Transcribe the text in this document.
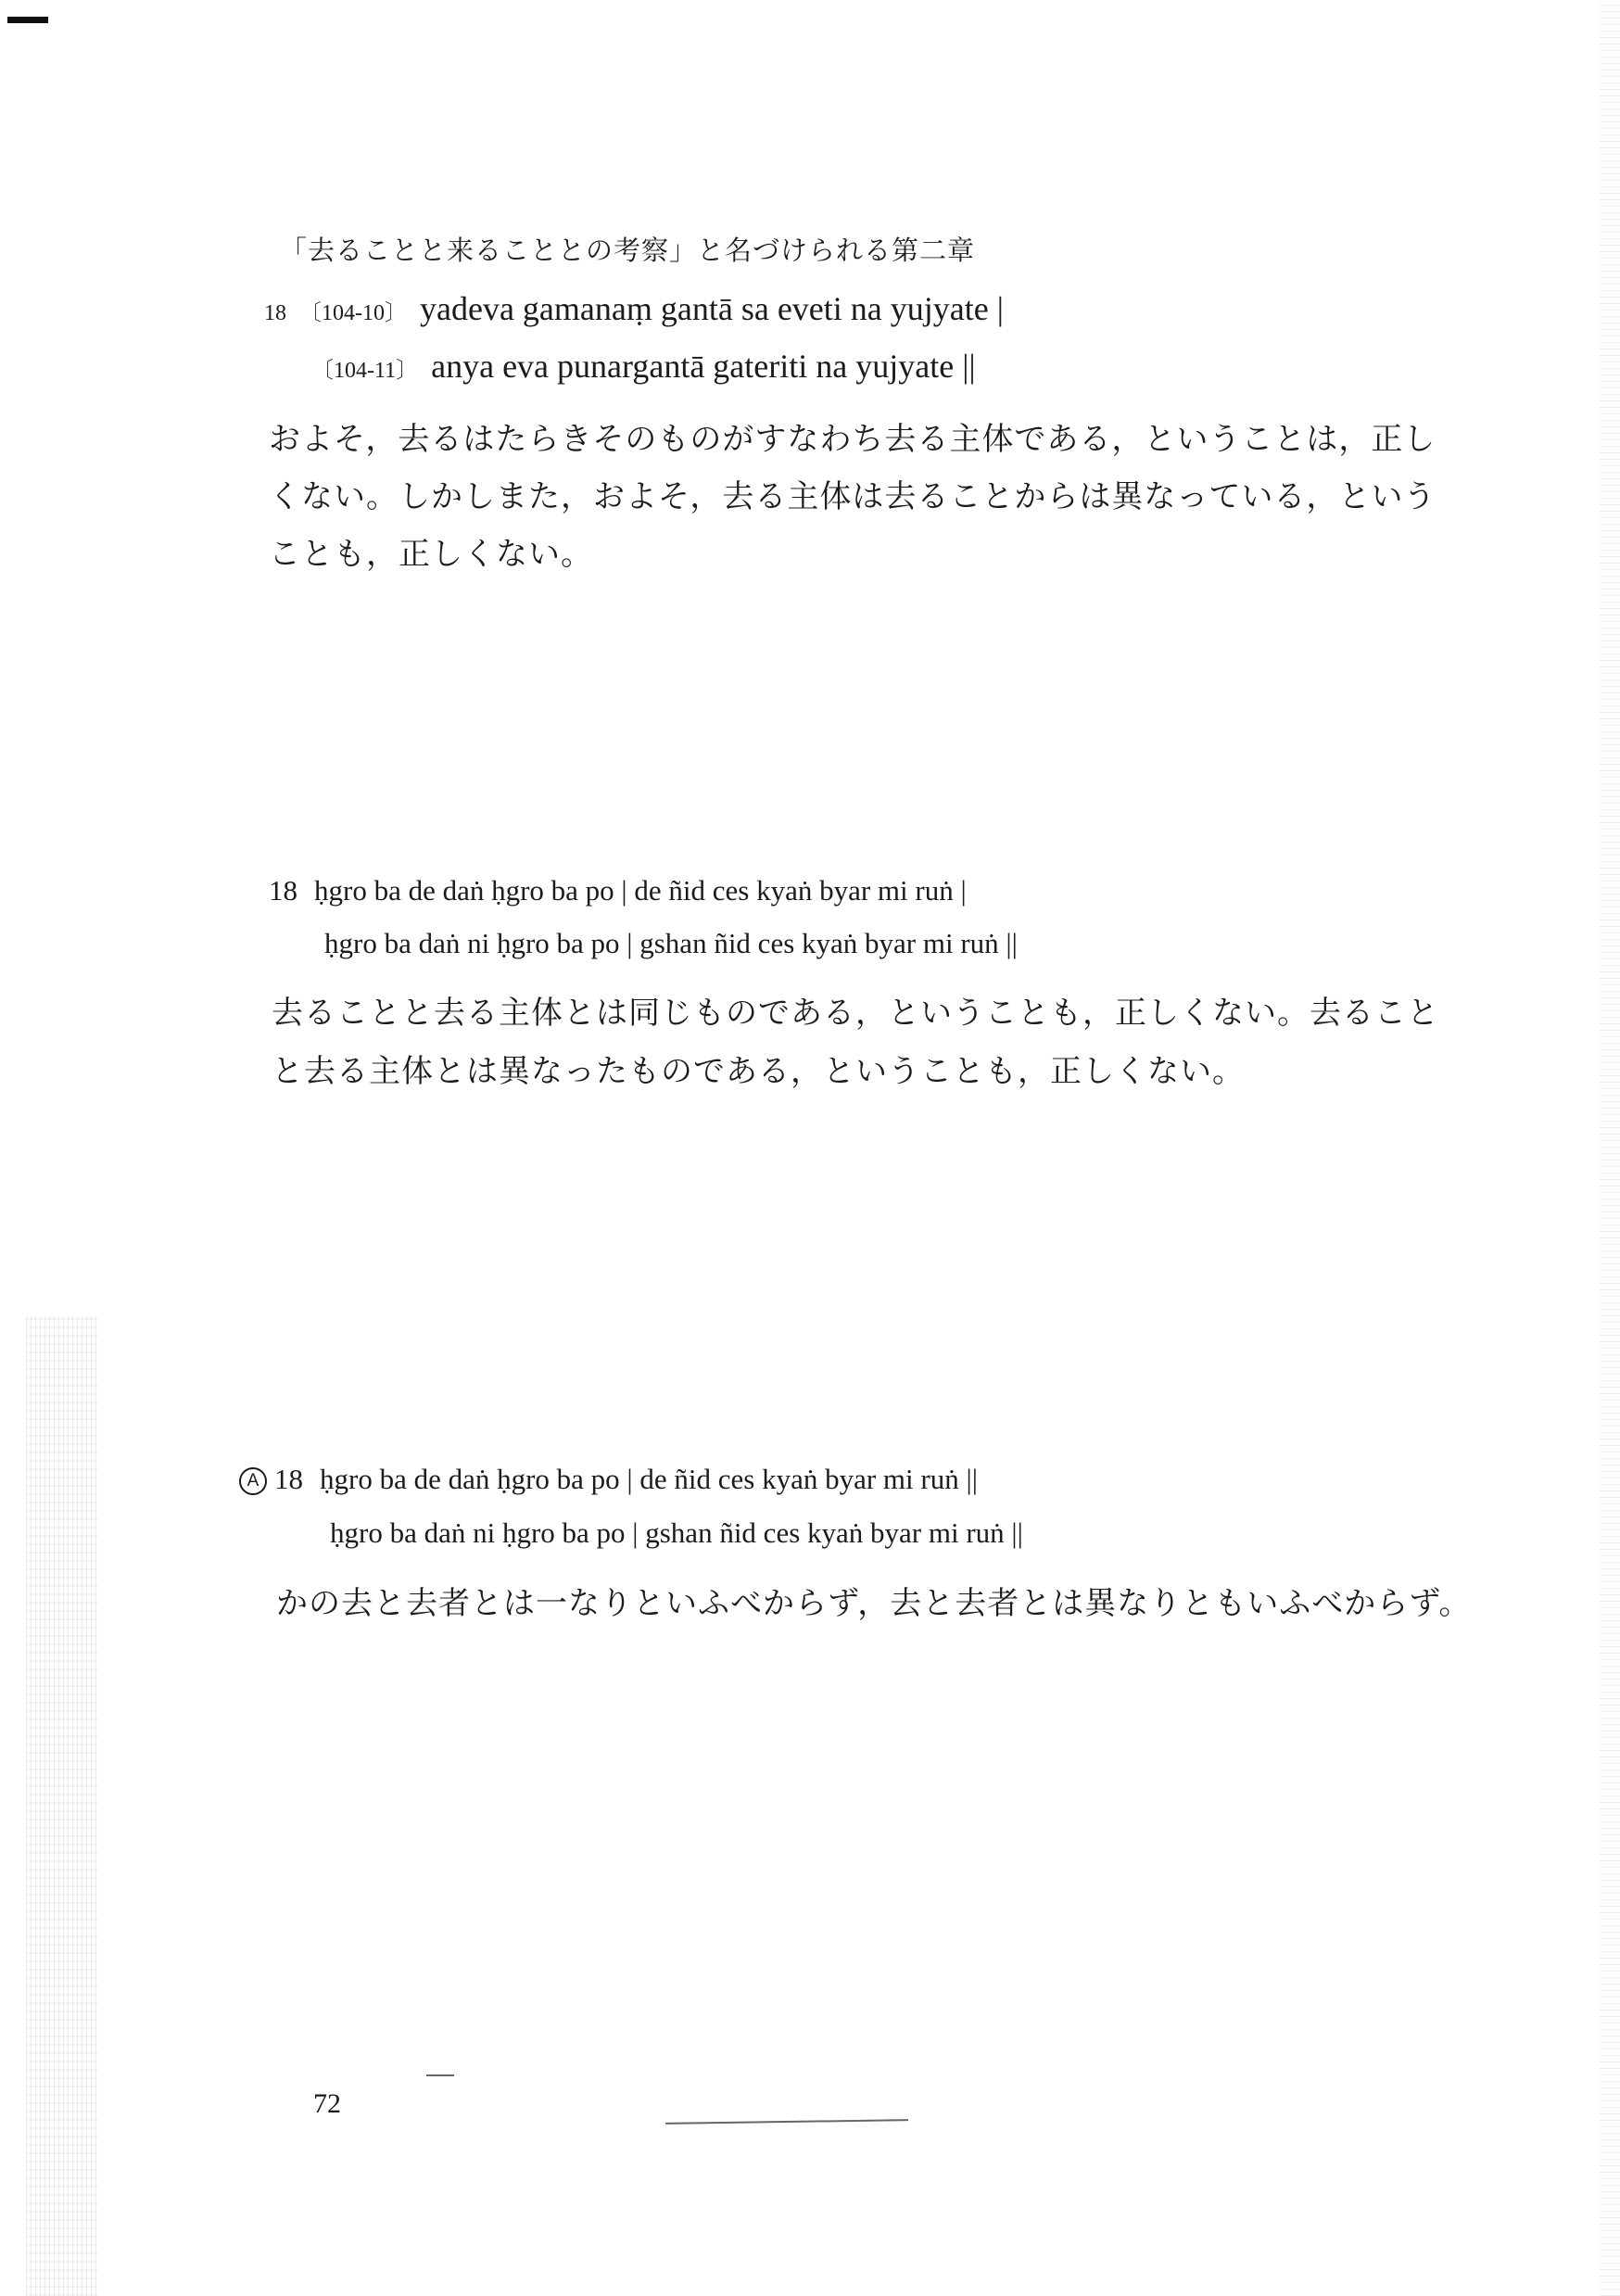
「去ることと来ることとの考察」と名づけられる第二章
18 〔104-10〕 yadeva gamanaṃ gantā sa eveti na yujyate |
〔104-11〕 anya eva punargantā gateriti na yujyate ||
およそ，去るはたらきそのものがすなわち去る主体である，ということは，正し
くない。しかしまた，およそ，去る主体は去ることからは異なっている，という
ことも，正しくない。
18 ḥgro ba de daṅ ḥgro ba po | de ñid ces kyaṅ byar mi ruṅ |
ḥgro ba daṅ ni ḥgro ba po | gshan ñid ces kyaṅ byar mi ruṅ ||
去ることと去る主体とは同じものである，ということも，正しくない。去ること
と去る主体とは異なったものである，ということも，正しくない。
A 18 ḥgro ba de daṅ ḥgro ba po | de ñid ces kyaṅ byar mi ruṅ ||
ḥgro ba daṅ ni ḥgro ba po | gshan ñid ces kyaṅ byar mi ruṅ ||
かの去と去者とは一なりといふべからず，去と去者とは異なりともいふべからず。
72
